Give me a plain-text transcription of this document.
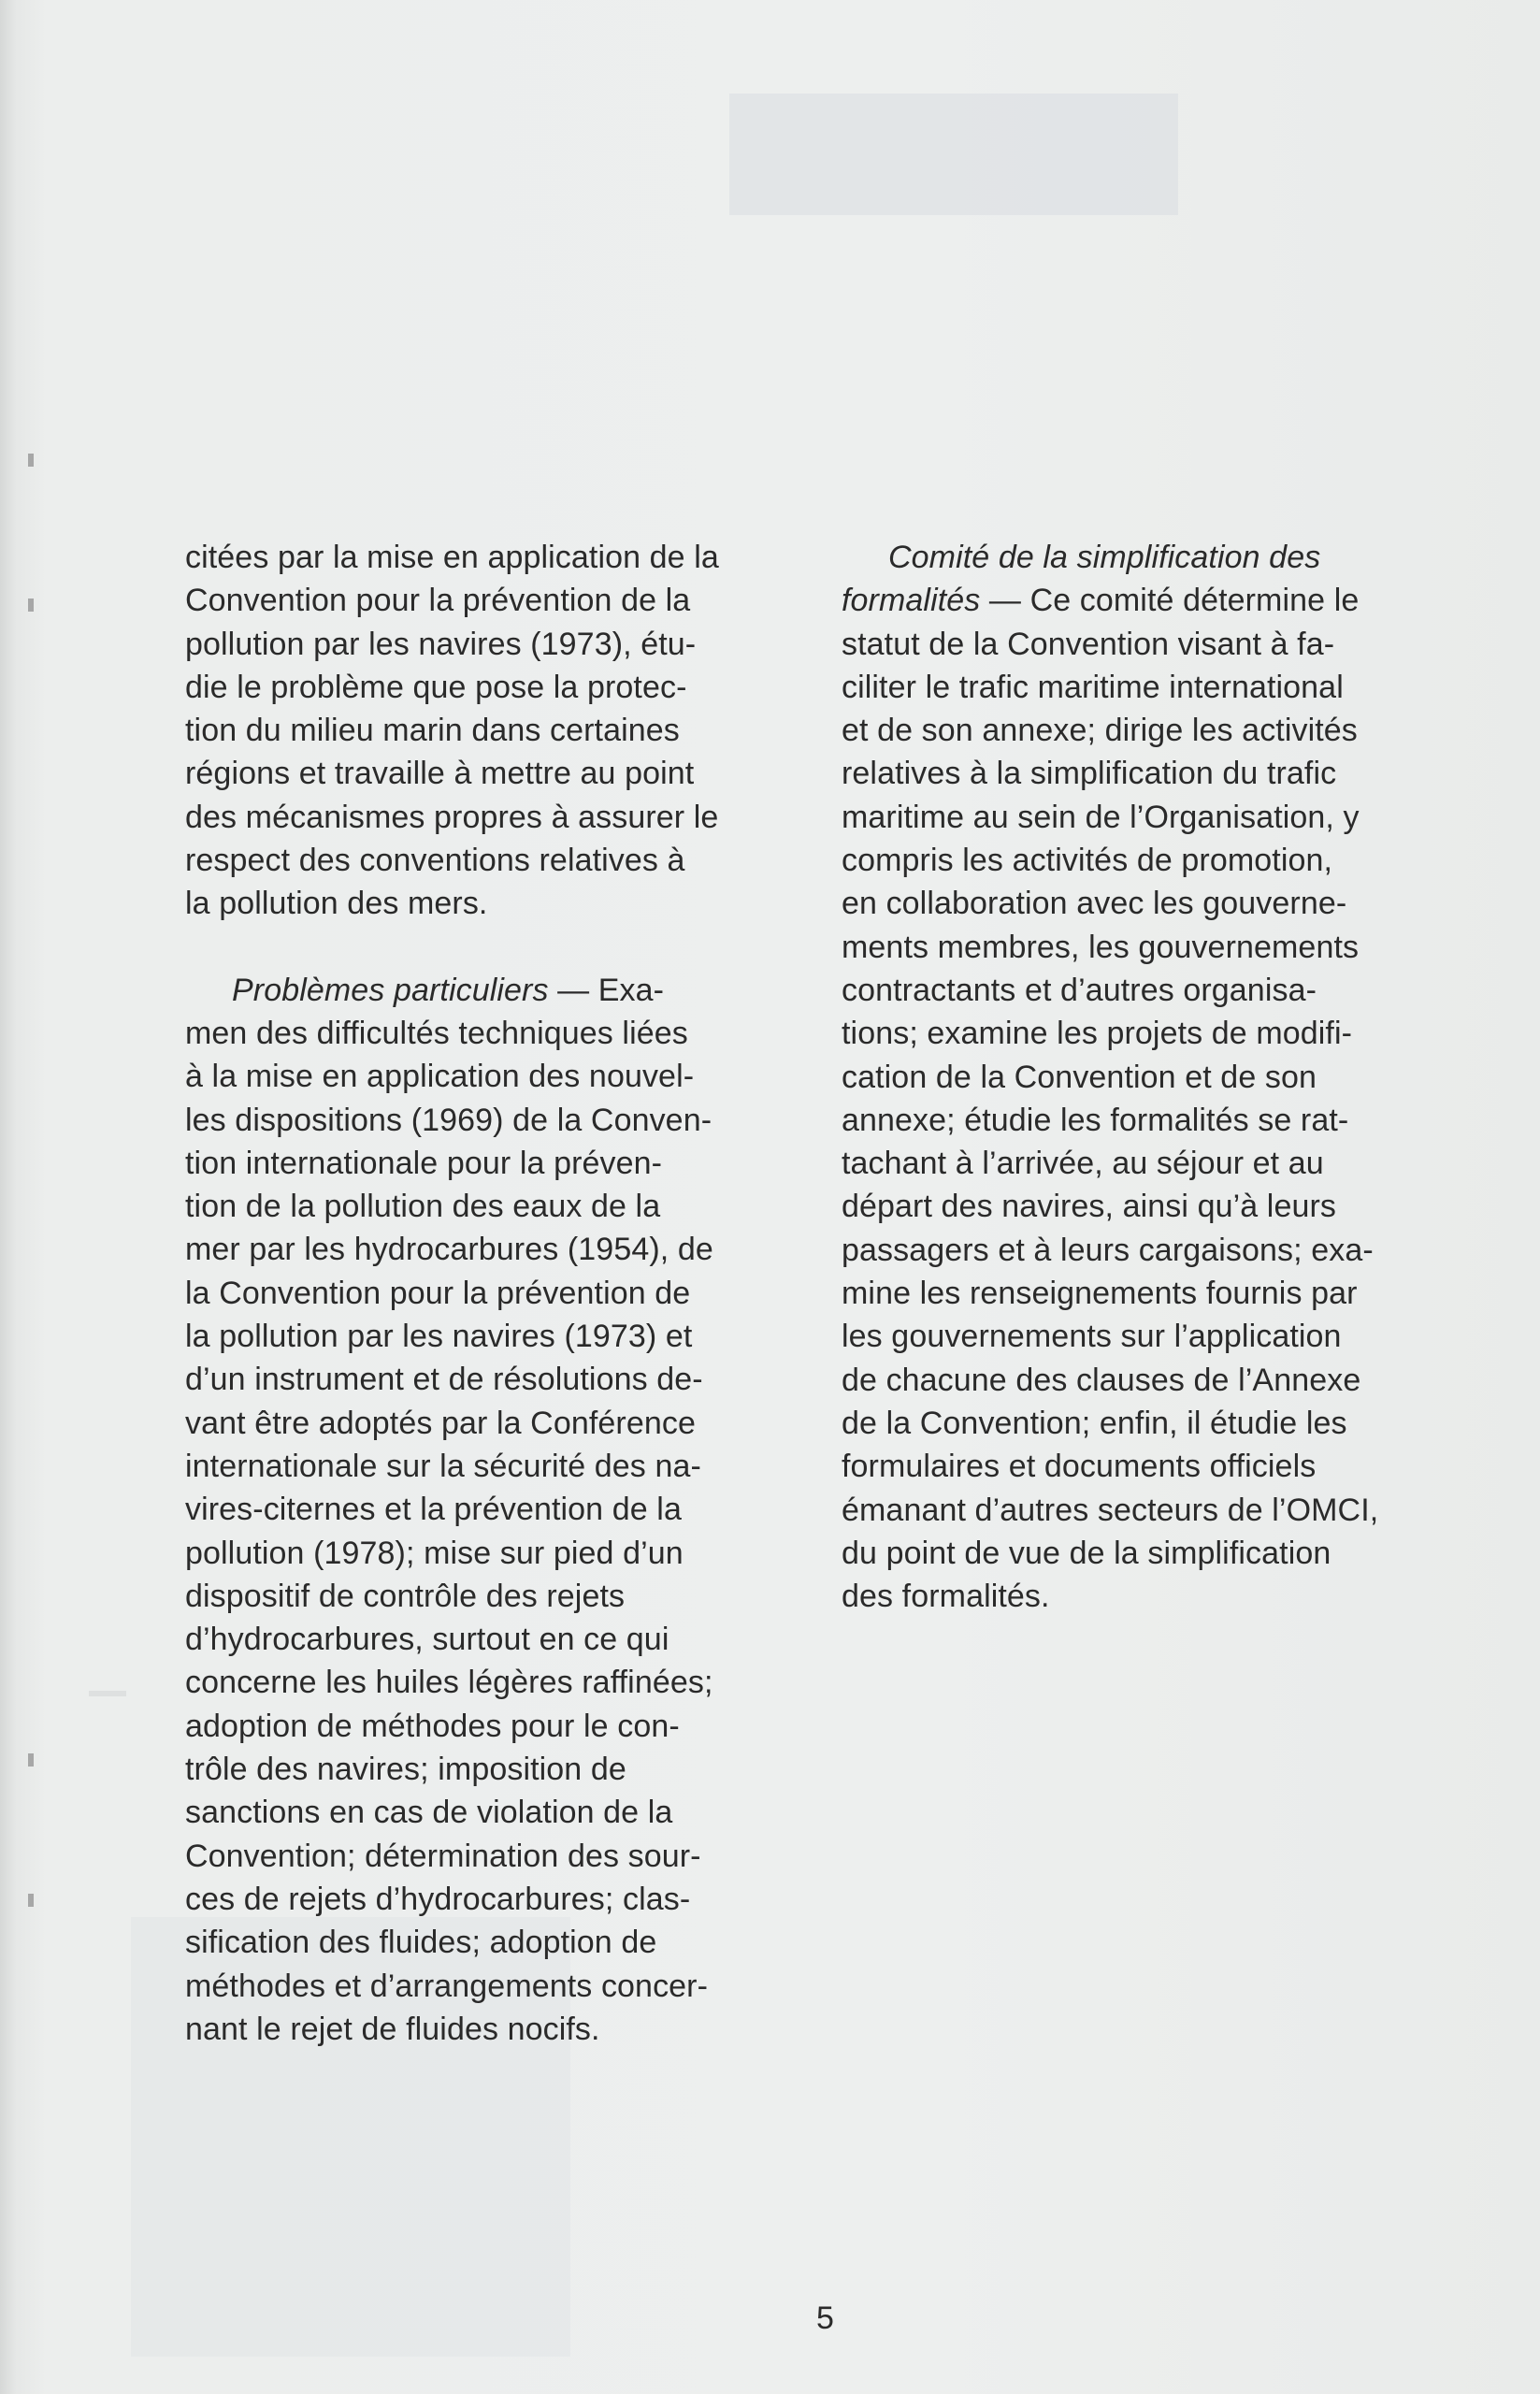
citées par la mise en application de la
Convention pour la prévention de la
pollution par les navires (1973), étu-
die le problème que pose la protec-
tion du milieu marin dans certaines
régions et travaille à mettre au point
des mécanismes propres à assurer le
respect des conventions relatives à
la pollution des mers.
Problèmes particuliers — Exa-
men des difficultés techniques liées
à la mise en application des nouvel-
les dispositions (1969) de la Conven-
tion internationale pour la préven-
tion de la pollution des eaux de la
mer par les hydrocarbures (1954), de
la Convention pour la prévention de
la pollution par les navires (1973) et
d’un instrument et de résolutions de-
vant être adoptés par la Conférence
internationale sur la sécurité des na-
vires-citernes et la prévention de la
pollution (1978); mise sur pied d’un
dispositif de contrôle des rejets
d’hydrocarbures, surtout en ce qui
concerne les huiles légères raffinées;
adoption de méthodes pour le con-
trôle des navires; imposition de
sanctions en cas de violation de la
Convention; détermination des sour-
ces de rejets d’hydrocarbures; clas-
sification des fluides; adoption de
méthodes et d’arrangements concer-
nant le rejet de fluides nocifs.
Comité de la simplification des
formalités — Ce comité détermine le
statut de la Convention visant à fa-
ciliter le trafic maritime international
et de son annexe; dirige les activités
relatives à la simplification du trafic
maritime au sein de l’Organisation, y
compris les activités de promotion,
en collaboration avec les gouverne-
ments membres, les gouvernements
contractants et d’autres organisa-
tions; examine les projets de modifi-
cation de la Convention et de son
annexe; étudie les formalités se rat-
tachant à l’arrivée, au séjour et au
départ des navires, ainsi qu’à leurs
passagers et à leurs cargaisons; exa-
mine les renseignements fournis par
les gouvernements sur l’application
de chacune des clauses de l’Annexe
de la Convention; enfin, il étudie les
formulaires et documents officiels
émanant d’autres secteurs de l’OMCI,
du point de vue de la simplification
des formalités.
5
